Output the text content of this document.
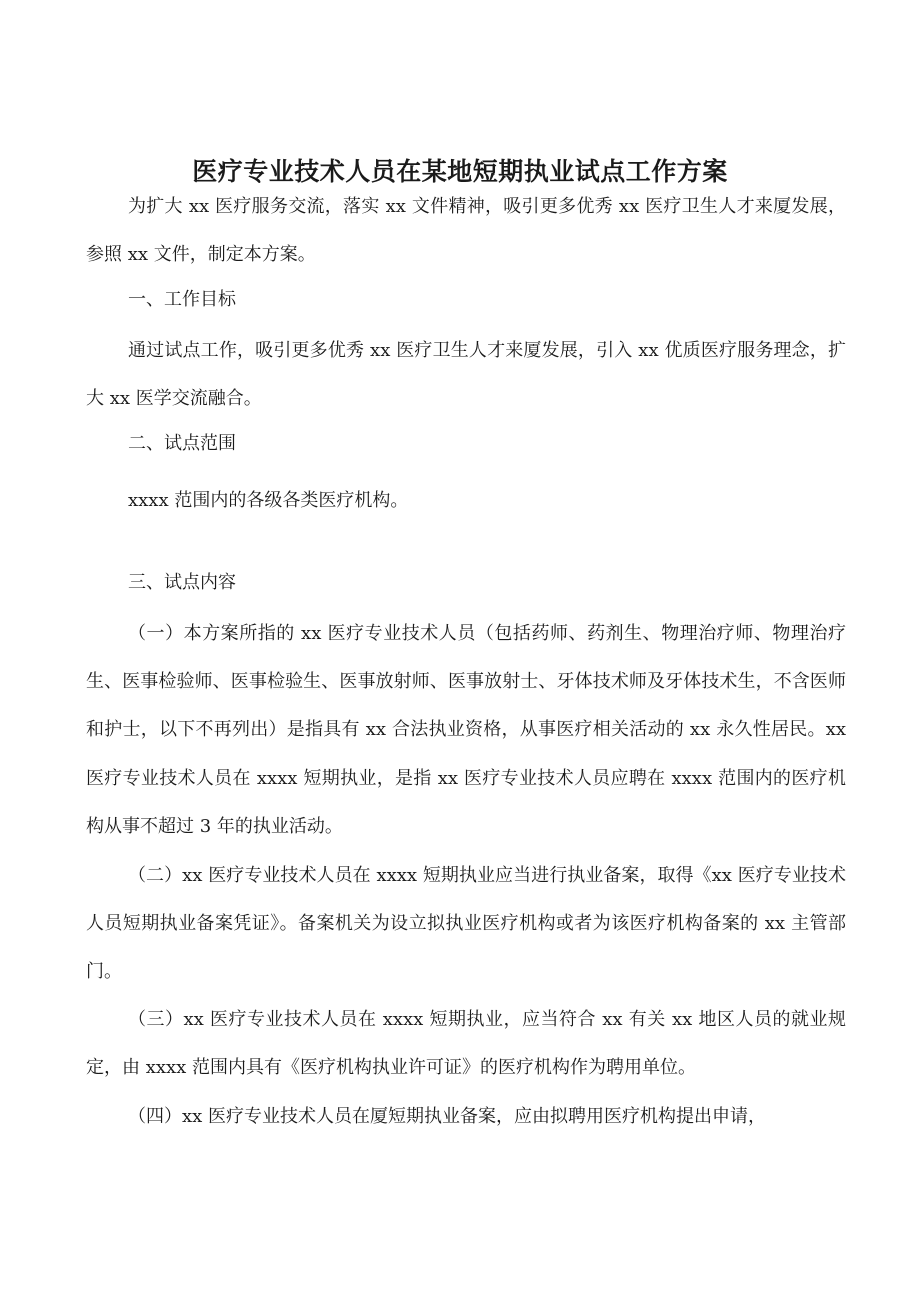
医疗专业技术人员在某地短期执业试点工作方案

为扩大 xx 医疗服务交流，落实 xx 文件精神，吸引更多优秀 xx 医疗卫生人才来厦发展，参照 xx 文件，制定本方案。

一、工作目标

通过试点工作，吸引更多优秀 xx 医疗卫生人才来厦发展，引入 xx 优质医疗服务理念，扩大 xx 医学交流融合。

二、试点范围

xxxx 范围内的各级各类医疗机构。

三、试点内容

（一）本方案所指的 xx 医疗专业技术人员（包括药师、药剂生、物理治疗师、物理治疗生、医事检验师、医事检验生、医事放射师、医事放射士、牙体技术师及牙体技术生，不含医师和护士，以下不再列出）是指具有 xx 合法执业资格，从事医疗相关活动的 xx 永久性居民。xx 医疗专业技术人员在 xxxx 短期执业，是指 xx 医疗专业技术人员应聘在 xxxx 范围内的医疗机构从事不超过 3 年的执业活动。

（二）xx 医疗专业技术人员在 xxxx 短期执业应当进行执业备案，取得《xx 医疗专业技术人员短期执业备案凭证》。备案机关为设立拟执业医疗机构或者为该医疗机构备案的 xx 主管部门。

（三）xx 医疗专业技术人员在 xxxx 短期执业，应当符合 xx 有关 xx 地区人员的就业规定，由 xxxx 范围内具有《医疗机构执业许可证》的医疗机构作为聘用单位。

（四）xx 医疗专业技术人员在厦短期执业备案，应由拟聘用医疗机构提出申请，
